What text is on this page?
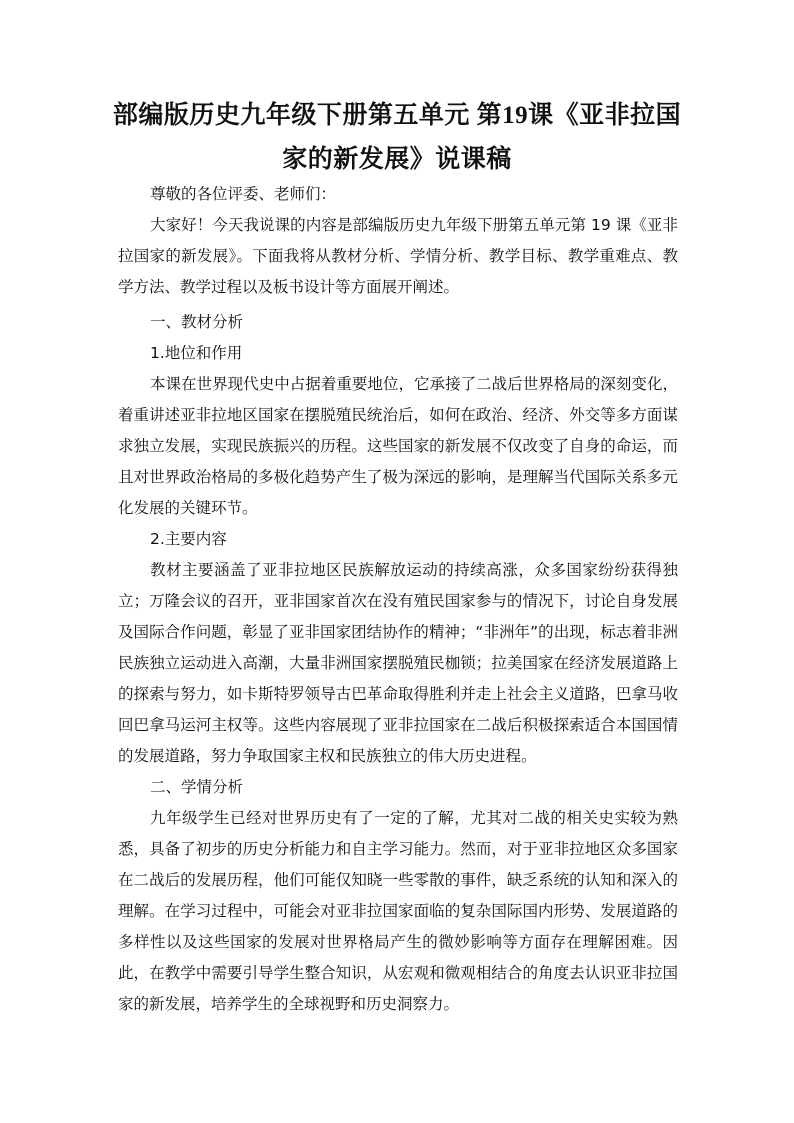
部编版历史九年级下册第五单元 第19课《亚非拉国
家的新发展》说课稿

尊敬的各位评委、老师们：

大家好！今天我说课的内容是部编版历史九年级下册第五单元第 19 课《亚非拉国家的新发展》。下面我将从教材分析、学情分析、教学目标、教学重难点、教学方法、教学过程以及板书设计等方面展开阐述。

一、教材分析

1.地位和作用

本课在世界现代史中占据着重要地位，它承接了二战后世界格局的深刻变化，着重讲述亚非拉地区国家在摆脱殖民统治后，如何在政治、经济、外交等多方面谋求独立发展，实现民族振兴的历程。这些国家的新发展不仅改变了自身的命运，而且对世界政治格局的多极化趋势产生了极为深远的影响，是理解当代国际关系多元化发展的关键环节。

2.主要内容

教材主要涵盖了亚非拉地区民族解放运动的持续高涨，众多国家纷纷获得独立；万隆会议的召开，亚非国家首次在没有殖民国家参与的情况下，讨论自身发展及国际合作问题，彰显了亚非国家团结协作的精神；“非洲年”的出现，标志着非洲民族独立运动进入高潮，大量非洲国家摆脱殖民枷锁；拉美国家在经济发展道路上的探索与努力，如卡斯特罗领导古巴革命取得胜利并走上社会主义道路，巴拿马收回巴拿马运河主权等。这些内容展现了亚非拉国家在二战后积极探索适合本国国情的发展道路，努力争取国家主权和民族独立的伟大历史进程。

二、学情分析

九年级学生已经对世界历史有了一定的了解，尤其对二战的相关史实较为熟悉，具备了初步的历史分析能力和自主学习能力。然而，对于亚非拉地区众多国家在二战后的发展历程，他们可能仅知晓一些零散的事件，缺乏系统的认知和深入的理解。在学习过程中，可能会对亚非拉国家面临的复杂国际国内形势、发展道路的多样性以及这些国家的发展对世界格局产生的微妙影响等方面存在理解困难。因此，在教学中需要引导学生整合知识，从宏观和微观相结合的角度去认识亚非拉国家的新发展，培养学生的全球视野和历史洞察力。
